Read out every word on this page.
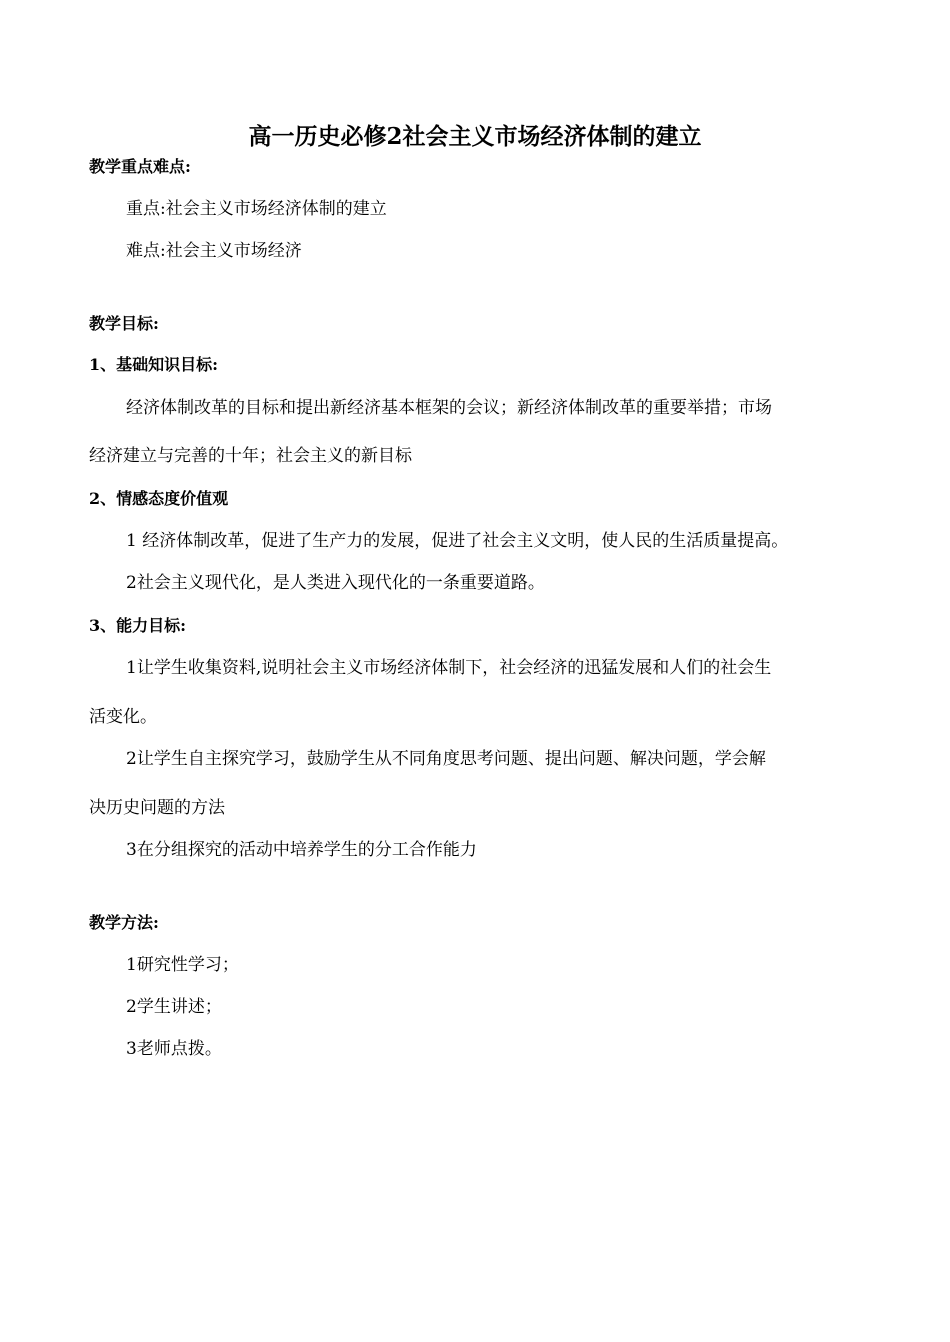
高一历史必修2社会主义市场经济体制的建立
教学重点难点:
重点:社会主义市场经济体制的建立
难点:社会主义市场经济
教学目标:
1、基础知识目标:
经济体制改革的目标和提出新经济基本框架的会议；新经济体制改革的重要举措；市场
经济建立与完善的十年；社会主义的新目标
2、情感态度价值观
1 经济体制改革，促进了生产力的发展，促进了社会主义文明，使人民的生活质量提高。
2社会主义现代化，是人类进入现代化的一条重要道路。
3、能力目标:
1让学生收集资料,说明社会主义市场经济体制下，社会经济的迅猛发展和人们的社会生
活变化。
2让学生自主探究学习，鼓励学生从不同角度思考问题、提出问题、解决问题，学会解
决历史问题的方法
3在分组探究的活动中培养学生的分工合作能力
教学方法:
1研究性学习；
2学生讲述；
3老师点拨。
